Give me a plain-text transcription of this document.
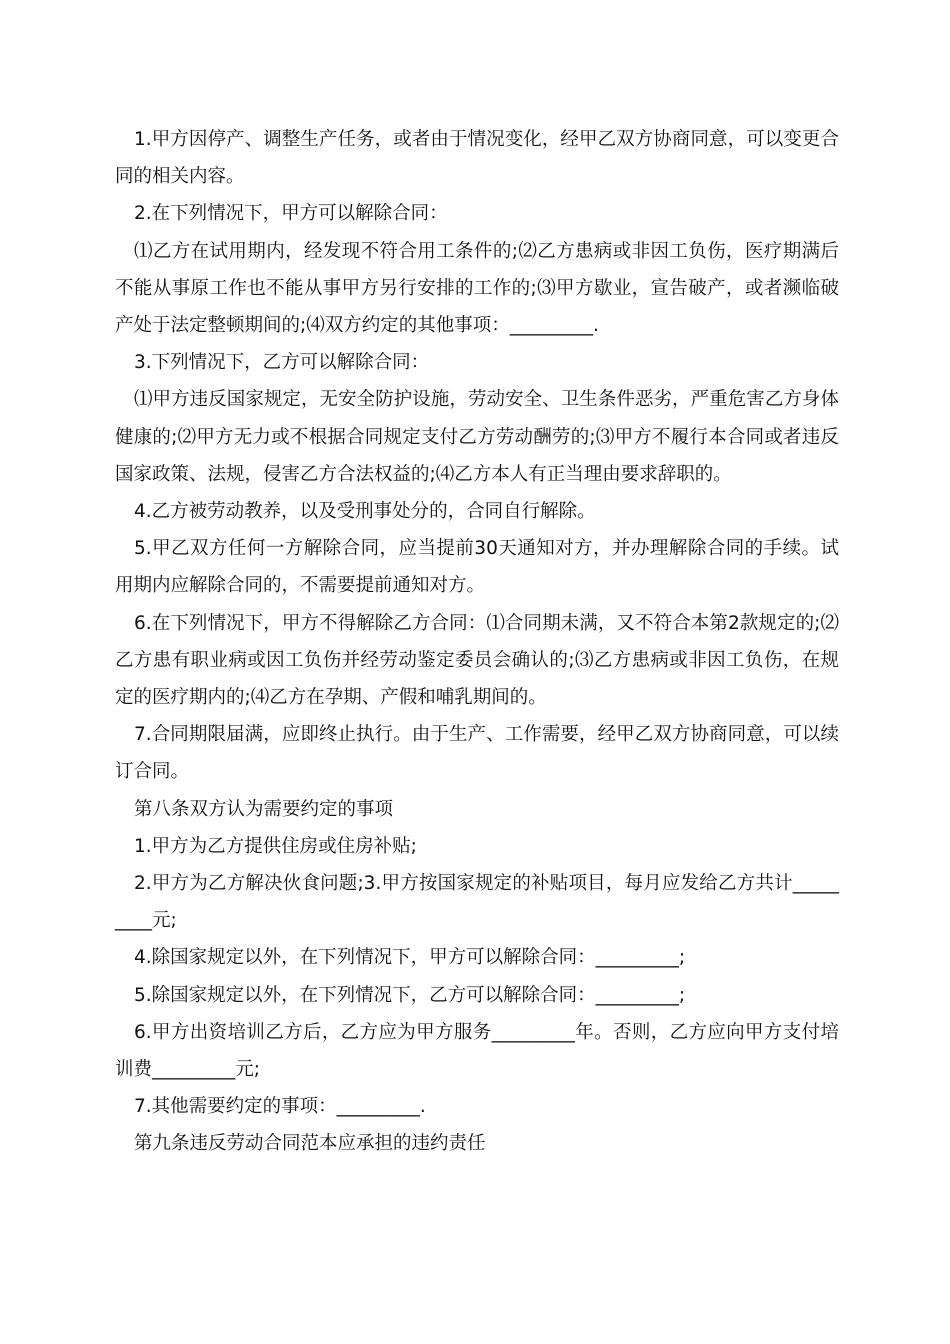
1.甲方因停产、调整生产任务，或者由于情况变化，经甲乙双方协商同意，可以变更合同的相关内容。

2.在下列情况下，甲方可以解除合同：

⑴乙方在试用期内，经发现不符合用工条件的;⑵乙方患病或非因工负伤，医疗期满后不能从事原工作也不能从事甲方另行安排的工作的;⑶甲方歇业，宣告破产，或者濒临破产处于法定整顿期间的;⑷双方约定的其他事项：_________.

3.下列情况下，乙方可以解除合同：

⑴甲方违反国家规定，无安全防护设施，劳动安全、卫生条件恶劣，严重危害乙方身体健康的;⑵甲方无力或不根据合同规定支付乙方劳动酬劳的;⑶甲方不履行本合同或者违反国家政策、法规，侵害乙方合法权益的;⑷乙方本人有正当理由要求辞职的。

4.乙方被劳动教养，以及受刑事处分的，合同自行解除。

5.甲乙双方任何一方解除合同，应当提前30天通知对方，并办理解除合同的手续。试用期内应解除合同的，不需要提前通知对方。

6.在下列情况下，甲方不得解除乙方合同：⑴合同期未满，又不符合本第2款规定的;⑵乙方患有职业病或因工负伤并经劳动鉴定委员会确认的;⑶乙方患病或非因工负伤，在规定的医疗期内的;⑷乙方在孕期、产假和哺乳期间的。

7.合同期限届满，应即终止执行。由于生产、工作需要，经甲乙双方协商同意，可以续订合同。

第八条双方认为需要约定的事项

1.甲方为乙方提供住房或住房补贴;

2.甲方为乙方解决伙食问题;3.甲方按国家规定的补贴项目，每月应发给乙方共计_________元;

4.除国家规定以外，在下列情况下，甲方可以解除合同：_________;

5.除国家规定以外，在下列情况下，乙方可以解除合同：_________;

6.甲方出资培训乙方后，乙方应为甲方服务_________年。否则，乙方应向甲方支付培训费_________元;

7.其他需要约定的事项：_________.

第九条违反劳动合同范本应承担的违约责任
